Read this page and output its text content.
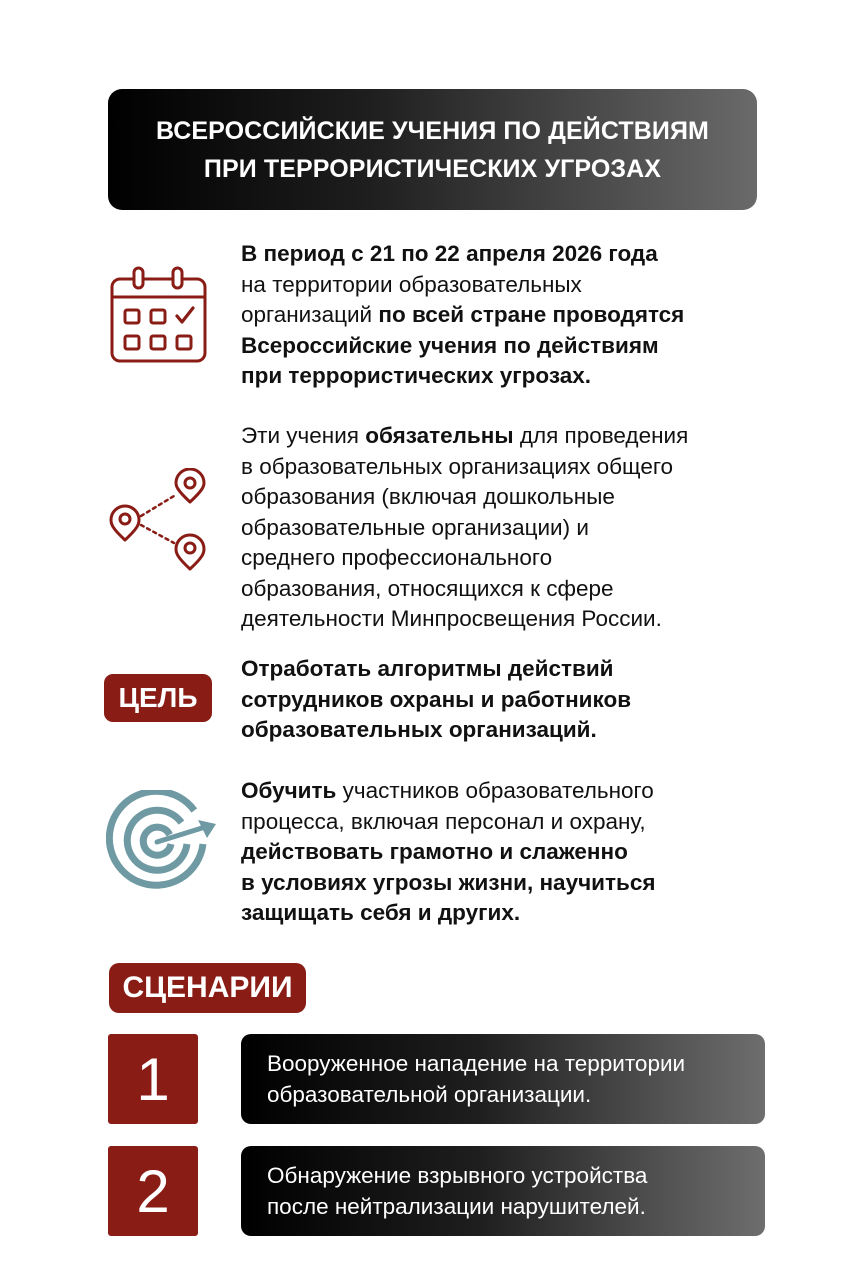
ВСЕРОССИЙСКИЕ УЧЕНИЯ ПО ДЕЙСТВИЯМ
ПРИ ТЕРРОРИСТИЧЕСКИХ УГРОЗАХ
В период с 21 по 22 апреля 2026 года
на территории образовательных
организаций по всей стране проводятся
Всероссийские учения по действиям
при террористических угрозах.
Эти учения обязательны для проведения
в образовательных организациях общего
образования (включая дошкольные
образовательные организации) и
среднего профессионального
образования, относящихся к сфере
деятельности Минпросвещения России.
ЦЕЛЬ
Отработать алгоритмы действий
сотрудников охраны и работников
образовательных организаций.
Обучить участников образовательного
процесса, включая персонал и охрану,
действовать грамотно и слаженно
в условиях угрозы жизни, научиться
защищать себя и других.
СЦЕНАРИИ
1	Вооруженное нападение на территории
образовательной организации.
2	Обнаружение взрывного устройства
после нейтрализации нарушителей.
